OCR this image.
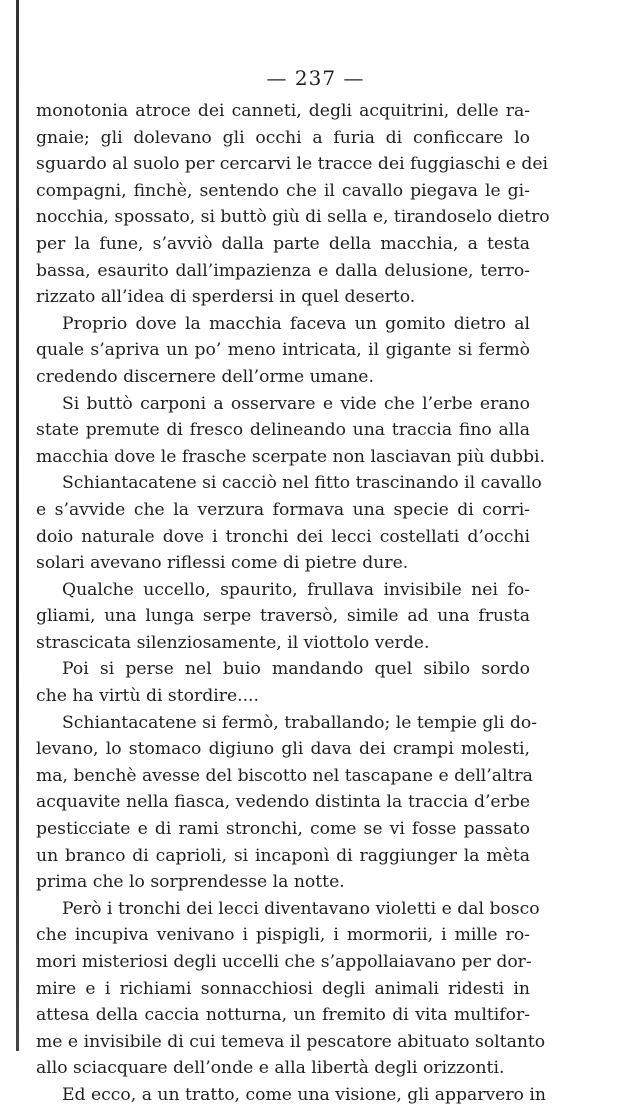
— 237 —
monotonia atroce dei canneti, degli acquitrini, delle ra-
gnaie; gli dolevano gli occhi a furia di conficcare lo
sguardo al suolo per cercarvi le tracce dei fuggiaschi e dei
compagni, finchè, sentendo che il cavallo piegava le gi-
nocchia, spossato, si buttò giù di sella e, tirandoselo dietro
per la fune, s’avviò dalla parte della macchia, a testa
bassa, esaurito dall’impazienza e dalla delusione, terro-
rizzato all’idea di sperdersi in quel deserto.
Proprio dove la macchia faceva un gomito dietro al
quale s’apriva un po’ meno intricata, il gigante si fermò
credendo discernere dell’orme umane.
Si buttò carponi a osservare e vide che l’erbe erano
state premute di fresco delineando una traccia fino alla
macchia dove le frasche scerpate non lasciavan più dubbi.
Schiantacatene si cacciò nel fitto trascinando il cavallo
e s’avvide che la verzura formava una specie di corri-
doio naturale dove i tronchi dei lecci costellati d’occhi
solari avevano riflessi come di pietre dure.
Qualche uccello, spaurito, frullava invisibile nei fo-
gliami, una lunga serpe traversò, simile ad una frusta
strascicata silenziosamente, il viottolo verde.
Poi si perse nel buio mandando quel sibilo sordo
che ha virtù di stordire....
Schiantacatene si fermò, traballando; le tempie gli do-
levano, lo stomaco digiuno gli dava dei crampi molesti,
ma, benchè avesse del biscotto nel tascapane e dell’altra
acquavite nella fiasca, vedendo distinta la traccia d’erbe
pesticciate e di rami stronchi, come se vi fosse passato
un branco di caprioli, si incaponì di raggiunger la mèta
prima che lo sorprendesse la notte.
Però i tronchi dei lecci diventavano violetti e dal bosco
che incupiva venivano i pispigli, i mormorii, i mille ro-
mori misteriosi degli uccelli che s’appollaiavano per dor-
mire e i richiami sonnacchiosi degli animali ridesti in
attesa della caccia notturna, un fremito di vita multifor-
me e invisibile di cui temeva il pescatore abituato soltanto
allo sciacquare dell’onde e alla libertà degli orizzonti.
Ed ecco, a un tratto, come una visione, gli apparvero in
